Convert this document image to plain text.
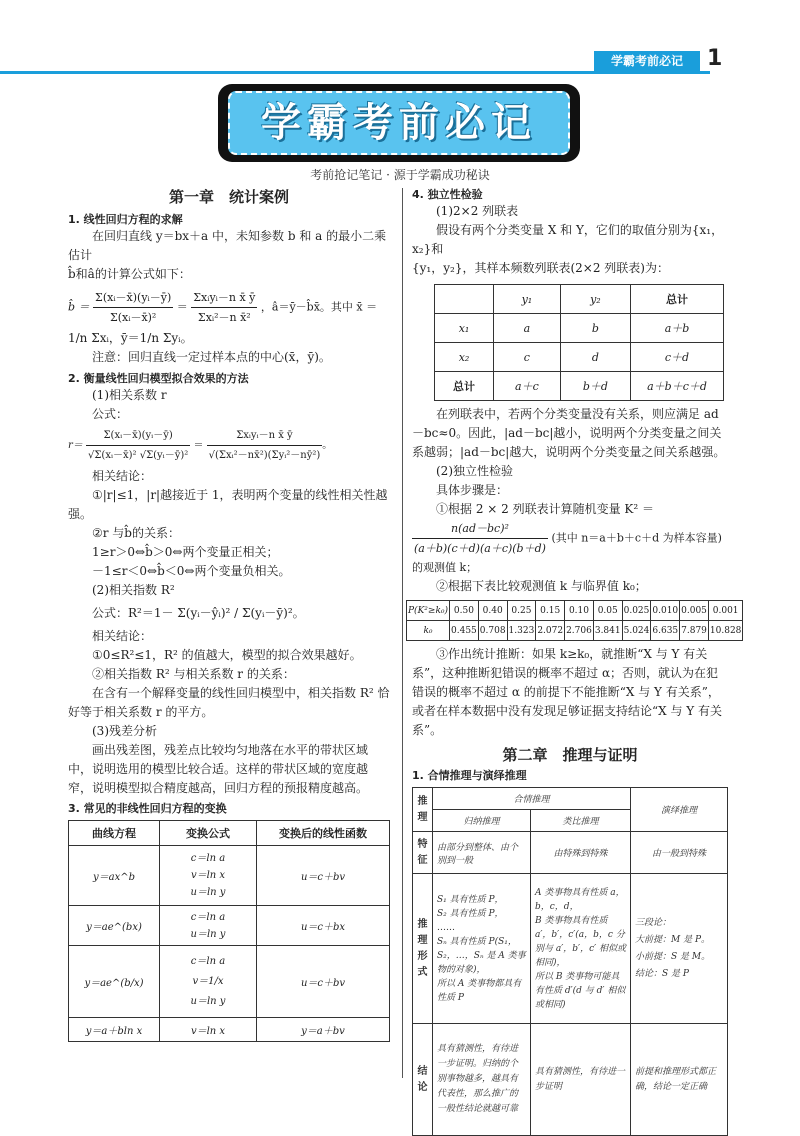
学霸考前必记	1
学霸考前必记
考前抢记笔记 · 源于学霸成功秘诀
第一章　统计案例
1. 线性回归方程的求解
在回归直线 y＝bx＋a 中，未知参数 b 和 a 的最小二乘估计
b̂和â的计算公式如下：
b̂ ＝ $\frac{\text{Σ(xᵢ－x̄)(yᵢ－ȳ)}}{\text{Σ(xᵢ－x̄)²}} = \frac{\text{Σxᵢyᵢ－n x̄ ȳ}}{\text{Σxᵢ²－n x̄²}}$ ，â＝ȳ－b̂x̄。其中 x̄ ＝
1/n Σxᵢ，ȳ＝1/n Σyᵢ。
注意：回归直线一定过样本点的中心(x̄，ȳ)。
2. 衡量线性回归模型拟合效果的方法
(1)相关系数 r
公式：
$r= \frac{\text{Σ(xᵢ－x̄)(yᵢ－ȳ)}}{\text{√Σ(xᵢ－x̄)² √Σ(yᵢ－ȳ)²}} = \frac{\text{Σxᵢyᵢ－n x̄ ȳ}}{\text{√(Σxᵢ²－nx̄²)(Σyᵢ²－nȳ²)}}$ 。
相关结论：
①|r|≤1，|r|越接近于 1，表明两个变量的线性相关性越强。
②r 与b̂的关系：
1≥r＞0⇔b̂＞0⇔两个变量正相关；
－1≤r＜0⇔b̂＜0⇔两个变量负相关。
(2)相关指数 R²
公式：R²＝1－ Σ(yᵢ－ŷᵢ)² / Σ(yᵢ－ȳ)²。
相关结论：
①0≤R²≤1，R² 的值越大，模型的拟合效果越好。
②相关指数 R² 与相关系数 r 的关系：
在含有一个解释变量的线性回归模型中，相关指数 R² 恰好等于相关系数 r 的平方。
(3)残差分析
画出残差图，残差点比较均匀地落在水平的带状区域中，说明选用的模型比较合适。这样的带状区域的宽度越窄，说明模型拟合精度越高，回归方程的预报精度越高。
3. 常见的非线性回归方程的变换
曲线方程	变换公式	变换后的线性函数
y＝ax^b	c＝ln a
v＝ln x
u＝ln y	u＝c＋bv
y＝ae^(bx)	c＝ln a
u＝ln y	u＝c＋bx
y＝ae^(b/x)	c＝ln a
v＝1/x
u＝ln y	u＝c＋bv
y＝a＋bln x	v＝ln x	y＝a＋bv
4. 独立性检验
(1)2×2 列联表
假设有两个分类变量 X 和 Y，它们的取值分别为{x₁，x₂}和
{y₁，y₂}，其样本频数列联表(2×2 列联表)为：
	y₁	y₂	总计
x₁	a	b	a＋b
x₂	c	d	c＋d
总计	a＋c	b＋d	a＋b＋c＋d
在列联表中，若两个分类变量没有关系，则应满足 ad－bc≈0。因此，|ad－bc|越小，说明两个分类变量之间关系越弱；|ad－bc|越大，说明两个分类变量之间关系越强。
(2)独立性检验
具体步骤是：
①根据 2 × 2 列联表计算随机变量 K² ＝
$\frac{\text{n(ad－bc)²}}{(a+b)(c+d)(a+c)(b+d)}$ (其中 n＝a＋b＋c＋d 为样本容量)的观测值 k；
②根据下表比较观测值 k 与临界值 k₀；
P(K²≥k₀)	0.50	0.40	0.25	0.15	0.10	0.05	0.025	0.010	0.005	0.001
k₀	0.455	0.708	1.323	2.072	2.706	3.841	5.024	6.635	7.879	10.828
③作出统计推断：如果 k≥k₀，就推断“X 与 Y 有关系”，这种推断犯错误的概率不超过 α；否则，就认为在犯错误的概率不超过 α 的前提下不能推断“X 与 Y 有关系”，或者在样本数据中没有发现足够证据支持结论“X 与 Y 有关系”。
第二章　推理与证明
1. 合情推理与演绎推理
推理	合情推理		演绎推理
	归纳推理	类比推理	
特征	由部分到整体、由个别到一般	由特殊到特殊	由一般到特殊
推理形式	S₁ 具有性质 P，
S₂ 具有性质 P，
……
Sₙ 具有性质 P(S₁，S₂，…，Sₙ 是 A 类事物的对象)，
所以 A 类事物都具有性质 P	A 类事物具有性质 a，b，c，d，
B 类事物具有性质 a′，b′，c′(a，b，c 分别与 a′，b′，c′ 相似或相同)，
所以 B 类事物可能具有性质 d′(d 与 d′ 相似或相同)	三段论：
大前提：M 是 P。
小前提：S 是 M。
结论：S 是 P
结论	具有猜测性，有待进一步证明。归纳的个别事物越多，越具有代表性，那么推广的一般性结论就越可靠	具有猜测性，有待进一步证明	前提和推理形式都正确，结论一定正确
